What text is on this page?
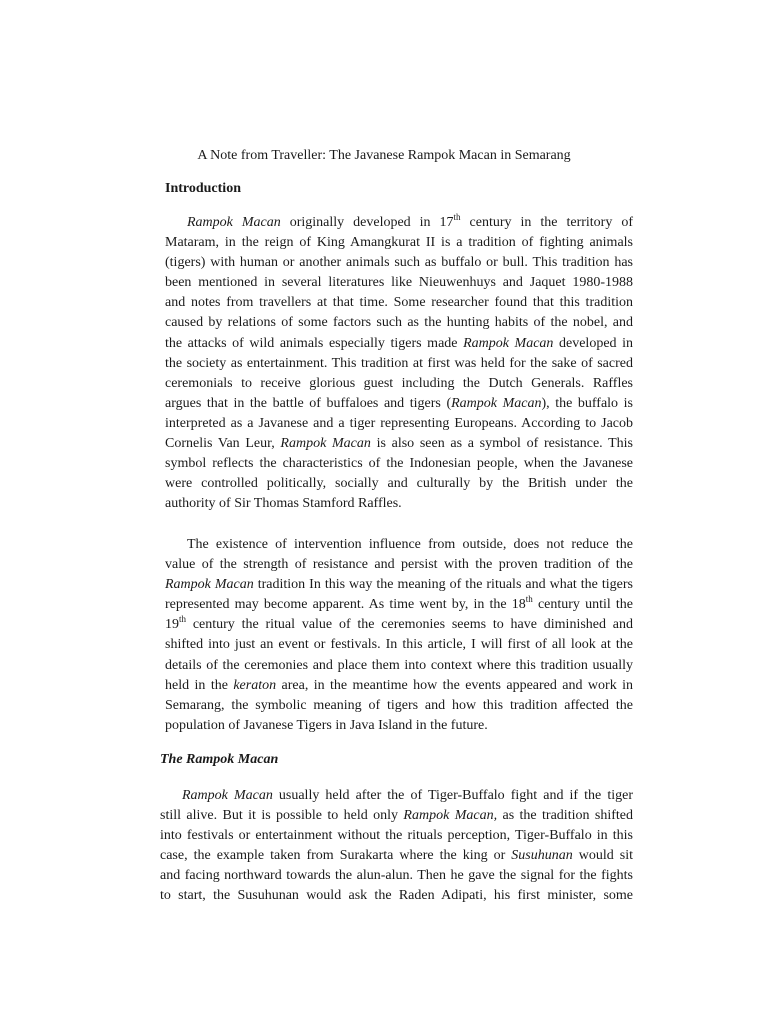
A Note from Traveller: The Javanese Rampok Macan in Semarang
Introduction
Rampok Macan originally developed in 17th century in the territory of
Mataram, in the reign of King Amangkurat II is a tradition of fighting animals
(tigers) with human or another animals such as buffalo or bull. This tradition has
been mentioned in several literatures like Nieuwenhuys and Jaquet 1980-1988
and notes from travellers at that time. Some researcher found that this tradition
caused by relations of some factors such as the hunting habits of the nobel, and
the attacks of wild animals especially tigers made Rampok Macan developed in
the society as entertainment. This tradition at first was held for the sake of sacred
ceremonials to receive glorious guest including the Dutch Generals. Raffles
argues that in the battle of buffaloes and tigers (Rampok Macan), the buffalo is
interpreted as a Javanese and a tiger representing Europeans. According to Jacob
Cornelis Van Leur, Rampok Macan is also seen as a symbol of resistance. This
symbol reflects the characteristics of the Indonesian people, when the Javanese
were controlled politically, socially and culturally by the British under the
authority of Sir Thomas Stamford Raffles.
The existence of intervention influence from outside, does not reduce the
value of the strength of resistance and persist with the proven tradition of the
Rampok Macan tradition In this way the meaning of the rituals and what the tigers
represented may become apparent. As time went by, in the 18th century until the
19th century the ritual value of the ceremonies seems to have diminished and
shifted into just an event or festivals. In this article, I will first of all look at the
details of the ceremonies and place them into context where this tradition usually
held in the keraton area, in the meantime how the events appeared and work in
Semarang, the symbolic meaning of tigers and how this tradition affected the
population of Javanese Tigers in Java Island in the future.
The Rampok Macan
Rampok Macan usually held after the of Tiger-Buffalo fight and if the tiger
still alive. But it is possible to held only Rampok Macan, as the tradition shifted
into festivals or entertainment without the rituals perception, Tiger-Buffalo in this
case, the example taken from Surakarta where the king or Susuhunan would sit
and facing northward towards the alun-alun. Then he gave the signal for the fights
to start, the Susuhunan would ask the Raden Adipati, his first minister, some
